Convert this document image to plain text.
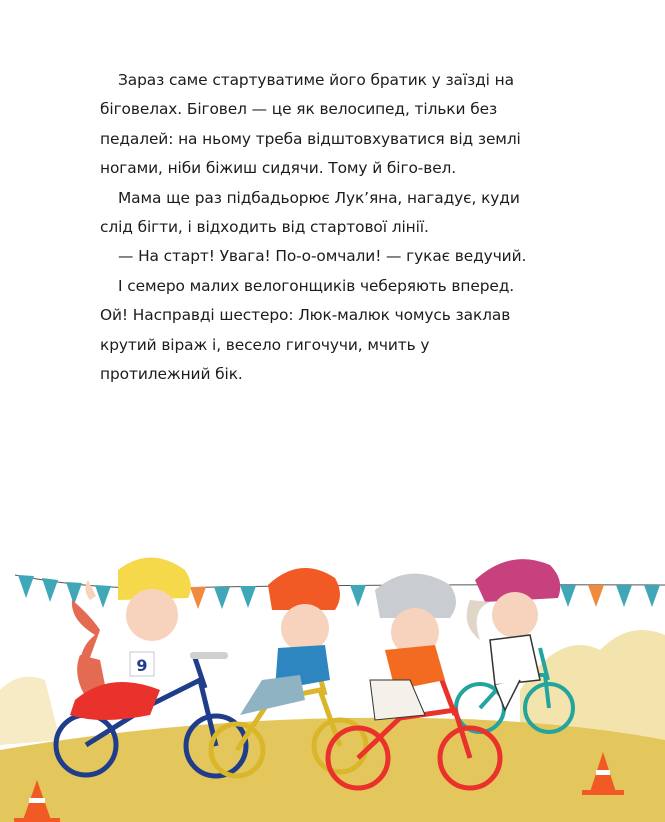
Зараз саме стартуватиме його братик у заїзді на біговелах. Біговел — це як велосипед, тільки без педалей: на ньому треба відштовхуватися від землі ногами, ніби біжиш сидячи. Тому й біго-вел.

Мама ще раз підбадьорює Лук’яна, нагадує, куди слід бігти, і відходить від стартової лінії.

— На старт! Увага! По-о-омчали! — гукає ведучий.

І семеро малих велогонщиків чеберяють вперед. Ой! Насправді шестеро: Люк-малюк чомусь заклав крутий віраж і, весело гигочучи, мчить у протилежний бік.

9
